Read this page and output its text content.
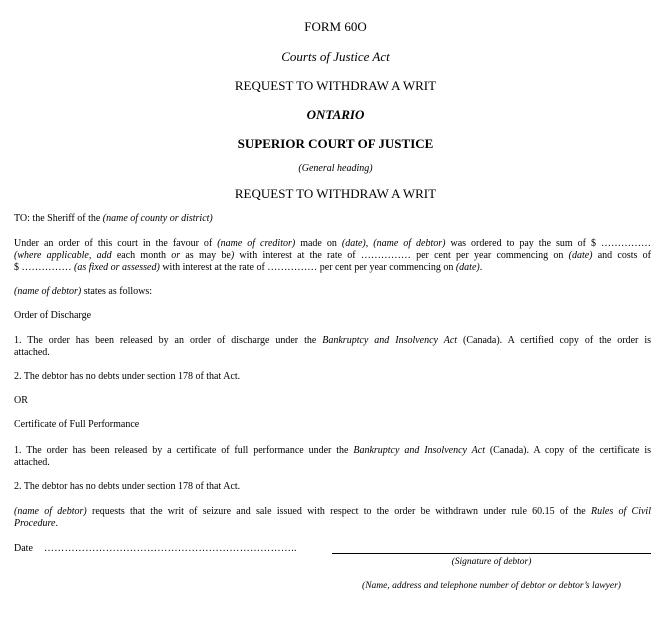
FORM 60O
Courts of Justice Act
REQUEST TO WITHDRAW A WRIT
ONTARIO
SUPERIOR COURT OF JUSTICE
(General heading)
REQUEST TO WITHDRAW A WRIT
TO: the Sheriff of the (name of county or district)
Under an order of this court in the favour of (name of creditor) made on (date), (name of debtor) was ordered to pay the sum of $ ……………
(where applicable, add each month or as may be) with interest at the rate of …………… per cent per year commencing on (date) and costs of
$ …………… (as fixed or assessed) with interest at the rate of …………… per cent per year commencing on (date).
(name of debtor) states as follows:
Order of Discharge
1. The order has been released by an order of discharge under the Bankruptcy and Insolvency Act (Canada). A certified copy of the order is
attached.
2. The debtor has no debts under section 178 of that Act.
OR
Certificate of Full Performance
1. The order has been released by a certificate of full performance under the Bankruptcy and Insolvency Act (Canada). A copy of the certificate is
attached.
2. The debtor has no debts under section 178 of that Act.
(name of debtor) requests that the writ of seizure and sale issued with respect to the order be withdrawn under rule 60.15 of the Rules of Civil
Procedure.
Date	………………………………………………………………..
(Signature of debtor)
(Name, address and telephone number of debtor or debtor’s lawyer)
